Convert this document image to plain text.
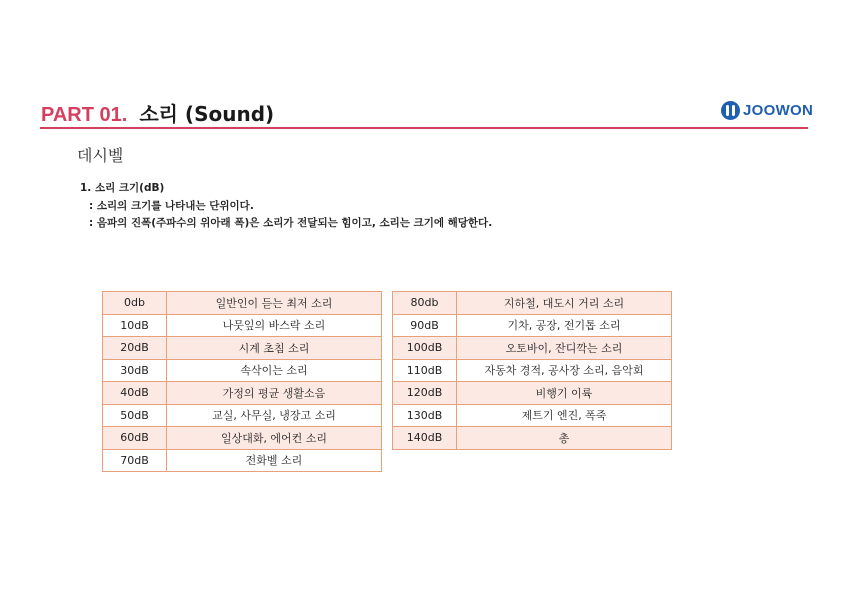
PART 01. 소리 (Sound)	JOOWON
데시벨
1. 소리 크기(dB)
: 소리의 크기를 나타내는 단위이다.
: 음파의 진폭(주파수의 위아래 폭)은 소리가 전달되는 힘이고, 소리는 크기에 해당한다.
0db	일반인이 듣는 최저 소리
10dB	나뭇잎의 바스락 소리
20dB	시계 초침 소리
30dB	속삭이는 소리
40dB	가정의 평균 생활소음
50dB	교실, 사무실, 냉장고 소리
60dB	일상대화, 에어컨 소리
70dB	전화벨 소리
80db	지하철, 대도시 거리 소리
90dB	기차, 공장, 전기톱 소리
100dB	오토바이, 잔디깍는 소리
110dB	자동차 경적, 공사장 소리, 음악회
120dB	비행기 이륙
130dB	제트기 엔진, 폭죽
140dB	총
